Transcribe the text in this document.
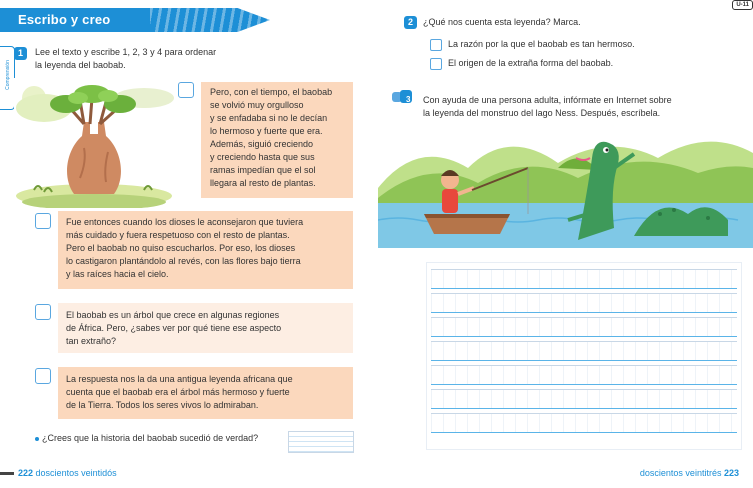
Escribo y creo
U-11
Comprensión
1	Lee el texto y escribe 1, 2, 3 y 4 para ordenar
la leyenda del baobab.
Pero, con el tiempo, el baobab
se volvió muy orgulloso
y se enfadaba si no le decían
lo hermoso y fuerte que era.
Además, siguió creciendo
y creciendo hasta que sus
ramas impedían que el sol
llegara al resto de plantas.
Fue entonces cuando los dioses le aconsejaron que tuviera
más cuidado y fuera respetuoso con el resto de plantas.
Pero el baobab no quiso escucharlos. Por eso, los dioses
lo castigaron plantándolo al revés, con las flores bajo tierra
y las raíces hacia el cielo.
El baobab es un árbol que crece en algunas regiones
de África. Pero, ¿sabes ver por qué tiene ese aspecto
tan extraño?
La respuesta nos la da una antigua leyenda africana que
cuenta que el baobab era el árbol más hermoso y fuerte
de la Tierra. Todos los seres vivos lo admiraban.
¿Crees que la historia del baobab sucedió de verdad?
222 doscientos veintidós	doscientos veintitrés 223
2	¿Qué nos cuenta esta leyenda? Marca.
La razón por la que el baobab es tan hermoso.
El origen de la extraña forma del baobab.
3 Con ayuda de una persona adulta, infórmate en Internet sobre
la leyenda del monstruo del lago Ness. Después, escríbela.
